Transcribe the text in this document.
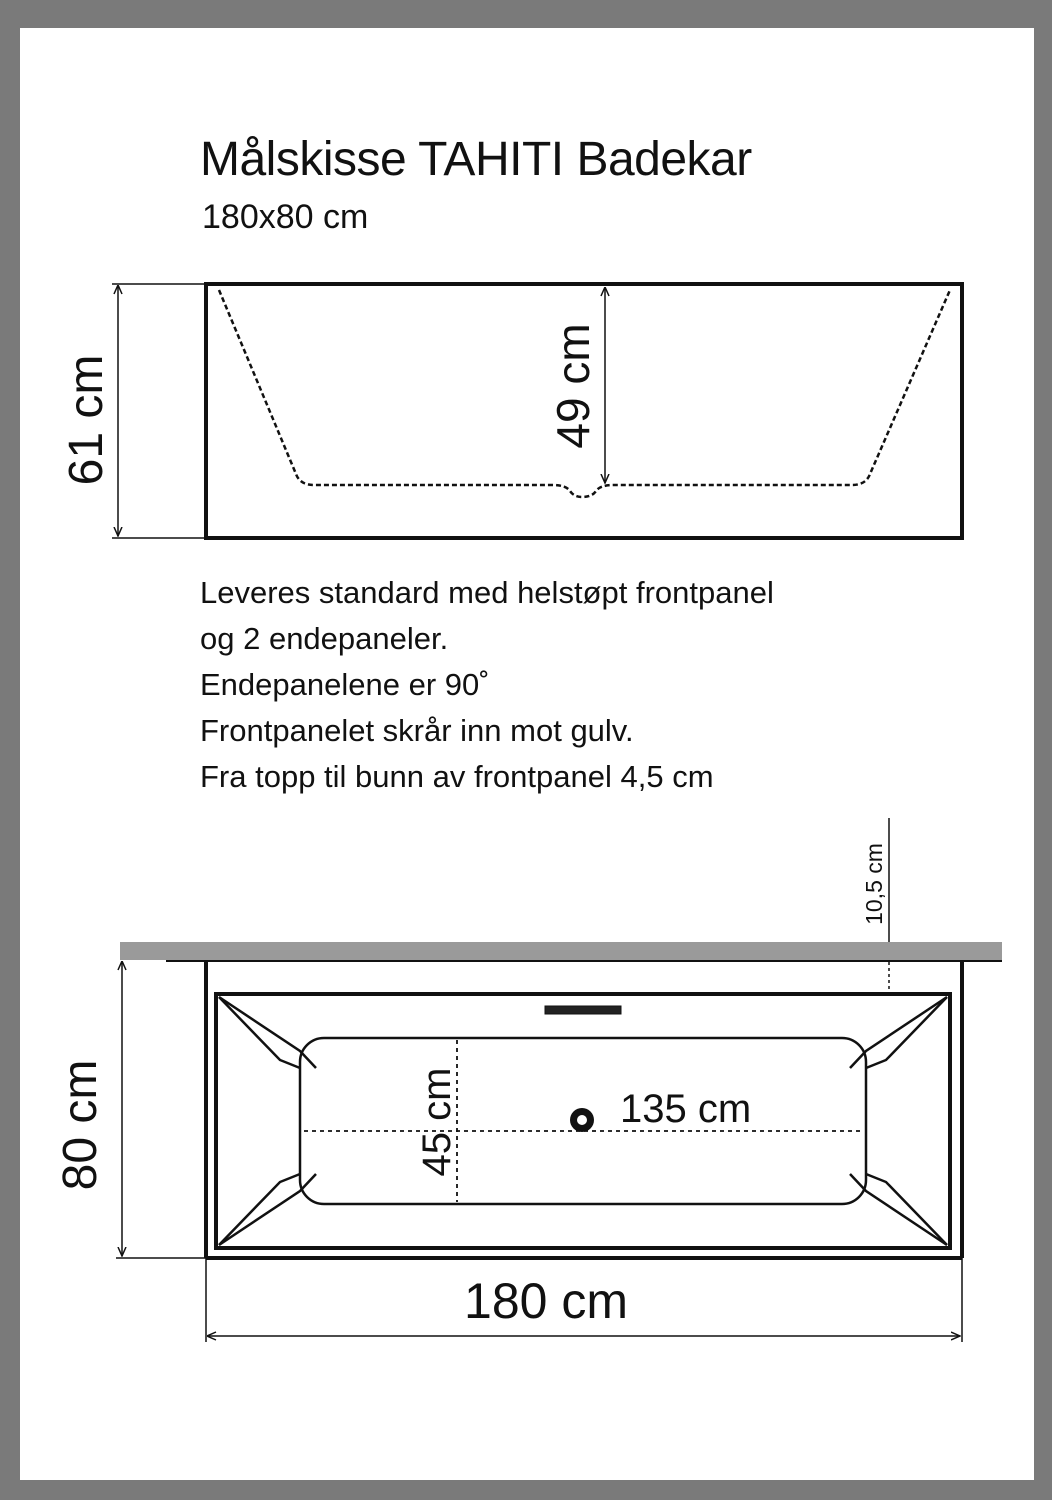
Målskisse TAHITI Badekar
180x80 cm
61 cm	49 cm
10,5 cm
45 cm	135 cm
80 cm
180 cm
Leveres standard med helstøpt frontpanel
og 2 endepaneler.
Endepanelene er 90˚
Frontpanelet skrår inn mot gulv.
Fra topp til bunn av frontpanel 4,5 cm
